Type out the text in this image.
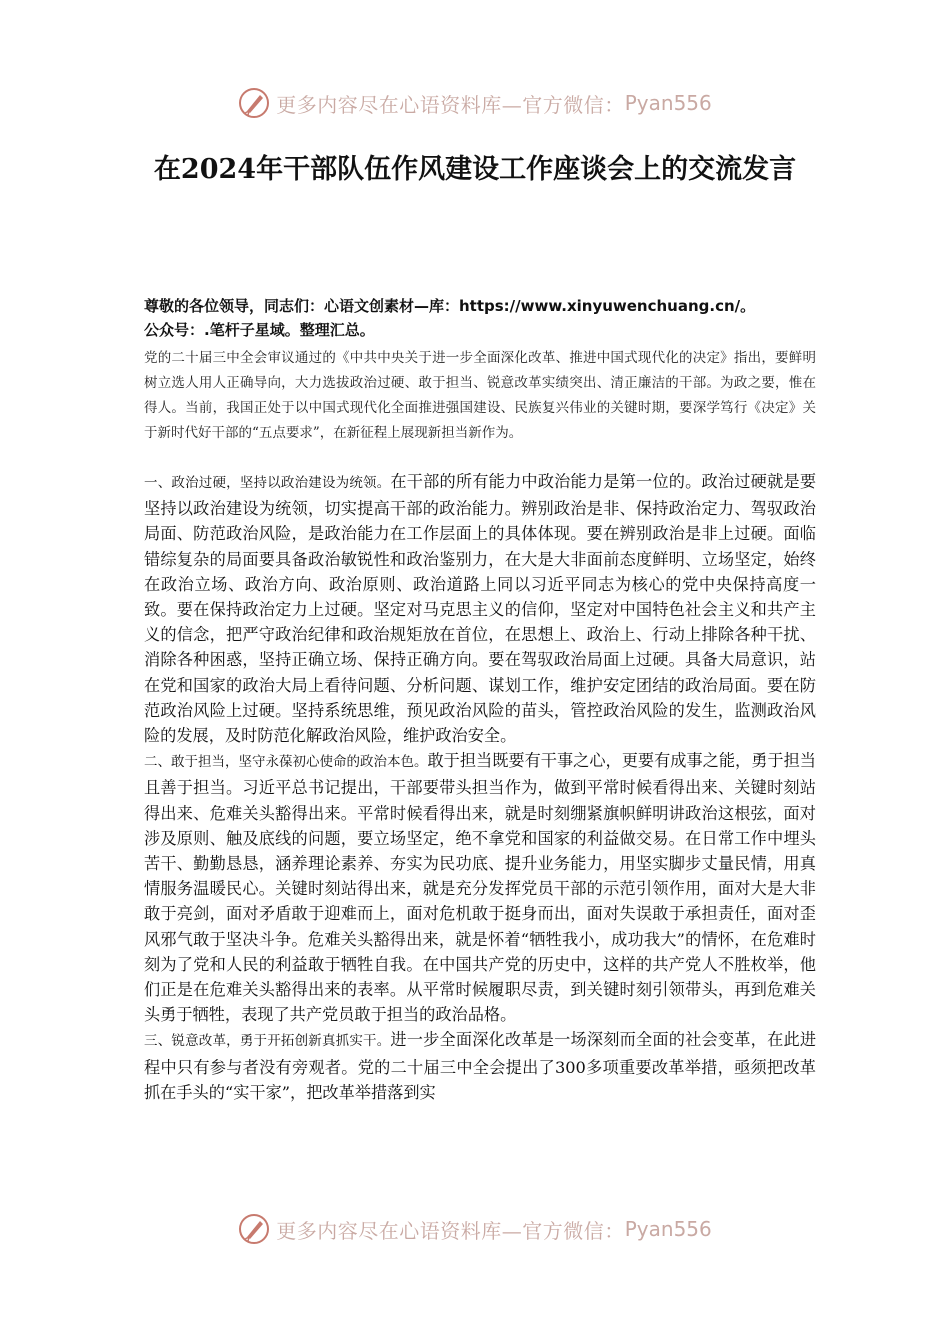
更多内容尽在心语资料库—官方微信： Pyan556
在2024年干部队伍作风建设工作座谈会上的交流发言

尊敬的各位领导，同志们：心语文创素材—库：https://www.xinyuwenchuang.cn/。

公众号：.笔杆子星域。整理汇总。

党的二十届三中全会审议通过的《中共中央关于进一步全面深化改革、推进中国式现代化的决定》指出，要鲜明树立选人用人正确导向，大力选拔政治过硬、敢于担当、锐意改革实绩突出、清正廉洁的干部。为政之要，惟在得人。当前，我国正处于以中国式现代化全面推进强国建设、民族复兴伟业的关键时期，要深学笃行《决定》关于新时代好干部的“五点要求”，在新征程上展现新担当新作为。

一、政治过硬，坚持以政治建设为统领。在干部的所有能力中政治能力是第一位的。政治过硬就是要坚持以政治建设为统领，切实提高干部的政治能力。辨别政治是非、保持政治定力、驾驭政治局面、防范政治风险，是政治能力在工作层面上的具体体现。要在辨别政治是非上过硬。面临错综复杂的局面要具备政治敏锐性和政治鉴别力，在大是大非面前态度鲜明、立场坚定，始终在政治立场、政治方向、政治原则、政治道路上同以习近平同志为核心的党中央保持高度一致。要在保持政治定力上过硬。坚定对马克思主义的信仰，坚定对中国特色社会主义和共产主义的信念，把严守政治纪律和政治规矩放在首位，在思想上、政治上、行动上排除各种干扰、消除各种困惑，坚持正确立场、保持正确方向。要在驾驭政治局面上过硬。具备大局意识，站在党和国家的政治大局上看待问题、分析问题、谋划工作，维护安定团结的政治局面。要在防范政治风险上过硬。坚持系统思维，预见政治风险的苗头，管控政治风险的发生，监测政治风险的发展，及时防范化解政治风险，维护政治安全。

二、敢于担当，坚守永葆初心使命的政治本色。敢于担当既要有干事之心，更要有成事之能，勇于担当且善于担当。习近平总书记提出，干部要带头担当作为，做到平常时候看得出来、关键时刻站得出来、危难关头豁得出来。平常时候看得出来，就是时刻绷紧旗帜鲜明讲政治这根弦，面对涉及原则、触及底线的问题，要立场坚定，绝不拿党和国家的利益做交易。在日常工作中埋头苦干、勤勤恳恳，涵养理论素养、夯实为民功底、提升业务能力，用坚实脚步丈量民情，用真情服务温暖民心。关键时刻站得出来，就是充分发挥党员干部的示范引领作用，面对大是大非敢于亮剑，面对矛盾敢于迎难而上，面对危机敢于挺身而出，面对失误敢于承担责任，面对歪风邪气敢于坚决斗争。危难关头豁得出来，就是怀着“牺牲我小，成功我大”的情怀，在危难时刻为了党和人民的利益敢于牺牲自我。在中国共产党的历史中，这样的共产党人不胜枚举，他们正是在危难关头豁得出来的表率。从平常时候履职尽责，到关键时刻引领带头，再到危难关头勇于牺牲，表现了共产党员敢于担当的政治品格。

三、锐意改革，勇于开拓创新真抓实干。进一步全面深化改革是一场深刻而全面的社会变革，在此进程中只有参与者没有旁观者。党的二十届三中全会提出了300多项重要改革举措，亟须把改革抓在手头的“实干家”，把改革举措落到实

更多内容尽在心语资料库—官方微信： Pyan556
